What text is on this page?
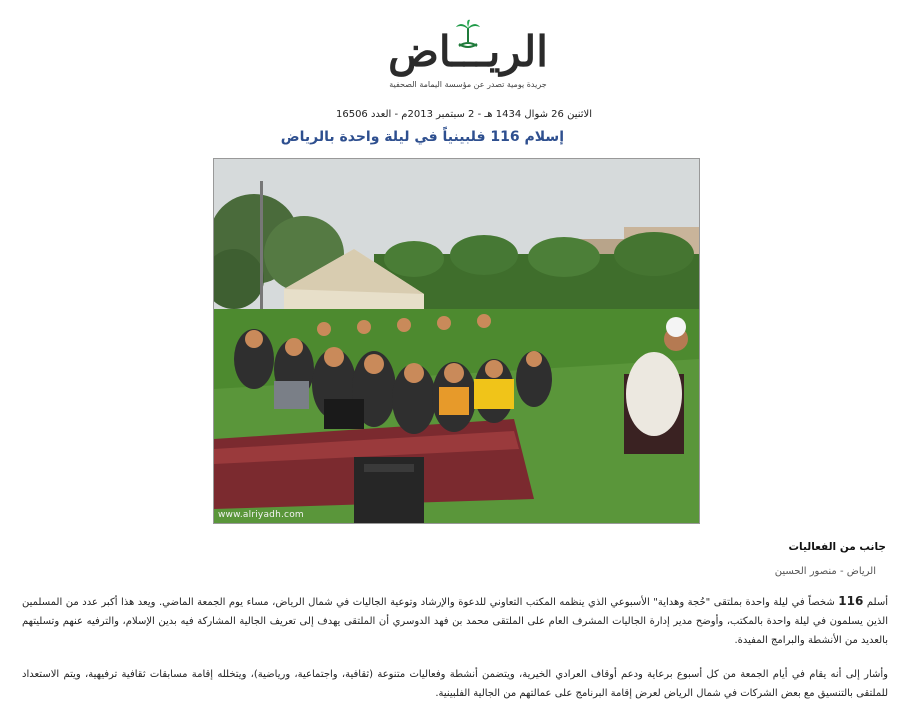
الريـــاض
جريدة يومية تصدر عن مؤسسة اليمامة الصحفية
الاثنين 26 شوال 1434 هـ - 2 سبتمبر 2013م - العدد 16506
إسلام 116 فلبينياً في ليلة واحدة بالرياض
www.alriyadh.com
جانب من الفعاليات
الرياض - منصور الحسين

أسلم 116 شخصاً في ليلة واحدة بملتقى "حُجة وهداية" الأسبوعي الذي ينظمه المكتب التعاوني للدعوة والإرشاد وتوعية الجاليات في شمال الرياض، مساء يوم الجمعة الماضي. ويعد هذا أكبر عدد من المسلمين الذين يسلمون في ليلة واحدة بالمكتب، وأوضح مدير إدارة الجاليات المشرف العام على الملتقى محمد بن فهد الدوسري أن الملتقى يهدف إلى تعريف الجالية المشاركة فيه بدين الإسلام، والترفيه عنهم وتسليتهم بالعديد من الأنشطة والبرامج المفيدة.

وأشار إلى أنه يقام في أيام الجمعة من كل أسبوع برعاية ودعم أوقاف العرادي الخيرية، ويتضمن أنشطة وفعاليات متنوعة (ثقافية، واجتماعية، ورياضية)، ويتخلله إقامة مسابقات ثقافية ترفيهية، ويتم الاستعداد للملتقى بالتنسيق مع بعض الشركات في شمال الرياض لعرض إقامة البرنامج على عمالتهم من الجالية الفلبينية.
